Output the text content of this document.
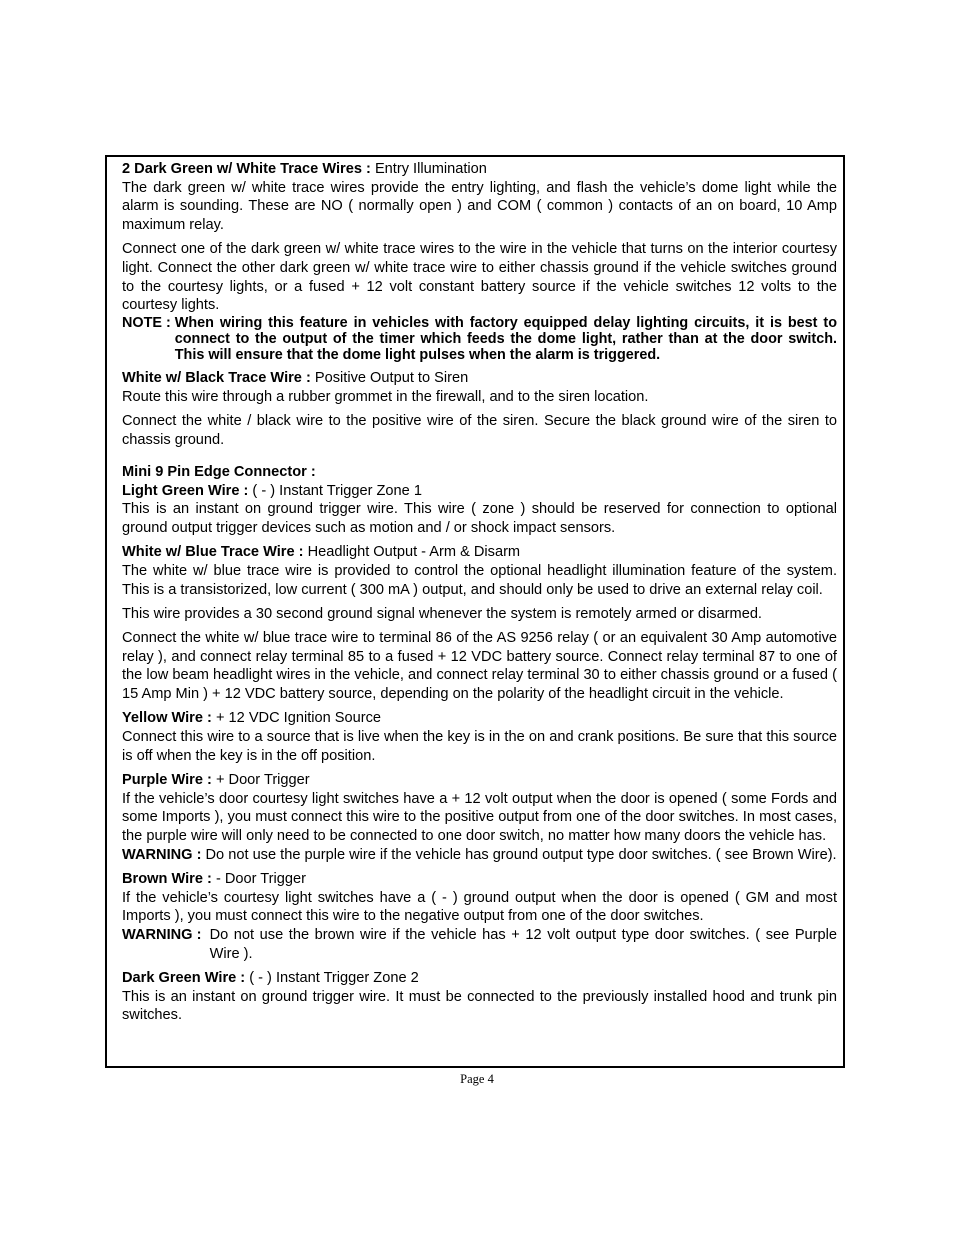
2 Dark Green w/ White Trace Wires : Entry Illumination

The dark green w/ white trace wires provide the entry lighting, and flash the vehicle’s dome light while the alarm is sounding. These are NO ( normally open ) and COM ( common ) contacts of an on board, 10 Amp maximum relay.

Connect one of the dark green w/ white trace wires to the wire in the vehicle that turns on the interior courtesy light. Connect the other dark green w/ white trace wire to either chassis ground if the vehicle switches ground to the courtesy lights, or a fused + 12 volt constant battery source if the vehicle switches 12 volts to the courtesy lights.

NOTE :
When wiring this feature in vehicles with factory equipped delay lighting circuits, it is best to connect to the output of the timer which feeds the dome light, rather than at the door switch. This will ensure that the dome light pulses when the alarm is triggered.
White w/ Black Trace Wire : Positive Output to Siren

Route this wire through a rubber grommet in the firewall, and to the siren location.

Connect the white / black wire to the positive wire of the siren. Secure the black ground wire of the siren to chassis ground.

Mini 9 Pin Edge Connector :
Light Green Wire : ( - ) Instant Trigger Zone 1

This is an instant on ground trigger wire. This wire ( zone ) should be reserved for connection to optional ground output trigger devices such as motion and / or shock impact sensors.

White w/ Blue Trace Wire : Headlight Output - Arm & Disarm

The white w/ blue trace wire is provided to control the optional headlight illumination feature of the system. This is a transistorized, low current ( 300 mA ) output, and should only be used to drive an external relay coil.

This wire provides a 30 second ground signal whenever the system is remotely armed or disarmed.

Connect the white w/ blue trace wire to terminal 86 of the AS 9256 relay ( or an equivalent 30 Amp automotive relay ), and connect relay terminal 85 to a fused + 12 VDC battery source. Connect relay terminal 87 to one of the low beam headlight wires in the vehicle, and connect relay terminal 30 to either chassis ground or a fused ( 15 Amp Min ) + 12 VDC battery source, depending on the polarity of the headlight circuit in the vehicle.

Yellow Wire : + 12 VDC Ignition Source

Connect this wire to a source that is live when the key is in the on and crank positions. Be sure that this source is off when the key is in the off position.

Purple Wire : + Door Trigger

If the vehicle’s door courtesy light switches have a + 12 volt output when the door is opened ( some Fords and some Imports ), you must connect this wire to the positive output from one of the door switches. In most cases, the purple wire will only need to be connected to one door switch, no matter how many doors the vehicle has.

WARNING :
Do not use the purple wire if the vehicle has ground output type door switches. ( see Brown Wire).
Brown Wire : - Door Trigger

If the vehicle’s courtesy light switches have a ( - ) ground output when the door is opened ( GM and most Imports ), you must connect this wire to the negative output from one of the door switches.

WARNING :
Do not use the brown wire if the vehicle has + 12 volt output type door switches. ( see Purple Wire ).
Dark Green Wire : ( - ) Instant Trigger Zone 2

This is an instant on ground trigger wire. It must be connected to the previously installed hood and trunk pin switches.

Page 4
